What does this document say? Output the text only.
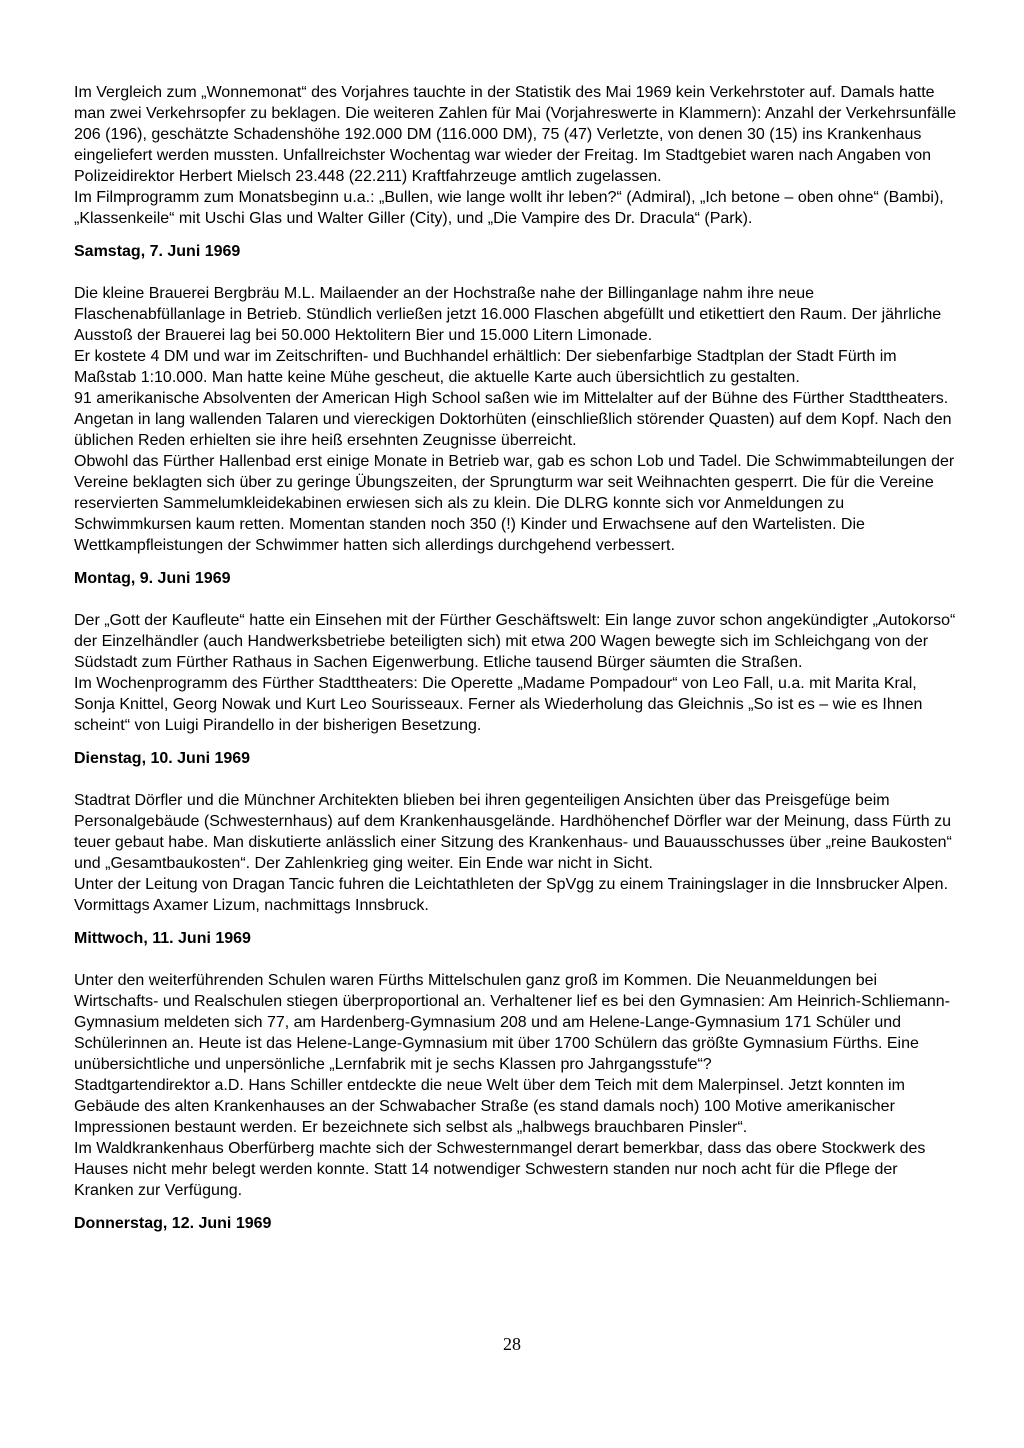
Im Vergleich zum „Wonnemonat“ des Vorjahres tauchte in der Statistik des Mai 1969 kein Verkehrstoter auf. Damals hatte man zwei Verkehrsopfer zu beklagen. Die weiteren Zahlen für Mai (Vorjahreswerte in Klammern): Anzahl der Verkehrsunfälle 206 (196), geschätzte Schadenshöhe 192.000 DM (116.000 DM), 75 (47) Verletzte, von denen 30 (15) ins Krankenhaus eingeliefert werden mussten. Unfallreichster Wochentag war wieder der Freitag. Im Stadtgebiet waren nach Angaben von Polizeidirektor Herbert Mielsch 23.448 (22.211) Kraftfahrzeuge amtlich zugelassen.

Im Filmprogramm zum Monatsbeginn u.a.: „Bullen, wie lange wollt ihr leben?“ (Admiral), „Ich betone – oben ohne“ (Bambi), „Klassenkeile“ mit Uschi Glas und Walter Giller (City), und „Die Vampire des Dr. Dracula“ (Park).

Samstag, 7. Juni 1969

Die kleine Brauerei Bergbräu M.L. Mailaender an der Hochstraße nahe der Billinganlage nahm ihre neue Flaschenabfüllanlage in Betrieb. Stündlich verließen jetzt 16.000 Flaschen abgefüllt und etikettiert den Raum. Der jährliche Ausstoß der Brauerei lag bei 50.000 Hektolitern Bier und 15.000 Litern Limonade.

Er kostete 4 DM und war im Zeitschriften- und Buchhandel erhältlich: Der siebenfarbige Stadtplan der Stadt Fürth im Maßstab 1:10.000. Man hatte keine Mühe gescheut, die aktuelle Karte auch übersichtlich zu gestalten.

91 amerikanische Absolventen der American High School saßen wie im Mittelalter auf der Bühne des Fürther Stadttheaters. Angetan in lang wallenden Talaren und viereckigen Doktorhüten (einschließlich störender Quasten) auf dem Kopf. Nach den üblichen Reden erhielten sie ihre heiß ersehnten Zeugnisse überreicht.

Obwohl das Fürther Hallenbad erst einige Monate in Betrieb war, gab es schon Lob und Tadel. Die Schwimmabteilungen der Vereine beklagten sich über zu geringe Übungszeiten, der Sprungturm war seit Weihnachten gesperrt. Die für die Vereine reservierten Sammelumkleidekabinen erwiesen sich als zu klein. Die DLRG konnte sich vor Anmeldungen zu Schwimmkursen kaum retten. Momentan standen noch 350 (!) Kinder und Erwachsene auf den Wartelisten. Die Wettkampfleistungen der Schwimmer hatten sich allerdings durchgehend verbessert.

Montag, 9. Juni 1969

Der „Gott der Kaufleute“ hatte ein Einsehen mit der Fürther Geschäftswelt: Ein lange zuvor schon angekündigter „Autokorso“ der Einzelhändler (auch Handwerksbetriebe beteiligten sich) mit etwa 200 Wagen bewegte sich im Schleichgang von der Südstadt zum Fürther Rathaus in Sachen Eigenwerbung. Etliche tausend Bürger säumten die Straßen.

Im Wochenprogramm des Fürther Stadttheaters: Die Operette „Madame Pompadour“ von Leo Fall, u.a. mit Marita Kral, Sonja Knittel, Georg Nowak und Kurt Leo Sourisseaux. Ferner als Wiederholung das Gleichnis „So ist es – wie es Ihnen scheint“ von Luigi Pirandello in der bisherigen Besetzung.

Dienstag, 10. Juni 1969

Stadtrat Dörfler und die Münchner Architekten blieben bei ihren gegenteiligen Ansichten über das Preisgefüge beim Personalgebäude (Schwesternhaus) auf dem Krankenhausgelände. Hardhöhenchef Dörfler war der Meinung, dass Fürth zu teuer gebaut habe. Man diskutierte anlässlich einer Sitzung des Krankenhaus- und Bauausschusses über „reine Baukosten“ und „Gesamtbaukosten“. Der Zahlenkrieg ging weiter. Ein Ende war nicht in Sicht.

Unter der Leitung von Dragan Tancic fuhren die Leichtathleten der SpVgg zu einem Trainingslager in die Innsbrucker Alpen. Vormittags Axamer Lizum, nachmittags Innsbruck.

Mittwoch, 11. Juni 1969

Unter den weiterführenden Schulen waren Fürths Mittelschulen ganz groß im Kommen. Die Neuanmeldungen bei Wirtschafts- und Realschulen stiegen überproportional an. Verhaltener lief es bei den Gymnasien: Am Heinrich-Schliemann-Gymnasium meldeten sich 77, am Hardenberg-Gymnasium 208 und am Helene-Lange-Gymnasium 171 Schüler und Schülerinnen an. Heute ist das Helene-Lange-Gymnasium mit über 1700 Schülern das größte Gymnasium Fürths. Eine unübersichtliche und unpersönliche „Lernfabrik mit je sechs Klassen pro Jahrgangsstufe“?

Stadtgartendirektor a.D. Hans Schiller entdeckte die neue Welt über dem Teich mit dem Malerpinsel. Jetzt konnten im Gebäude des alten Krankenhauses an der Schwabacher Straße (es stand damals noch) 100 Motive amerikanischer Impressionen bestaunt werden. Er bezeichnete sich selbst als „halbwegs brauchbaren Pinsler“.

Im Waldkrankenhaus Oberfürberg machte sich der Schwesternmangel derart bemerkbar, dass das obere Stockwerk des Hauses nicht mehr belegt werden konnte. Statt 14 notwendiger Schwestern standen nur noch acht für die Pflege der Kranken zur Verfügung.

Donnerstag, 12. Juni 1969
28
